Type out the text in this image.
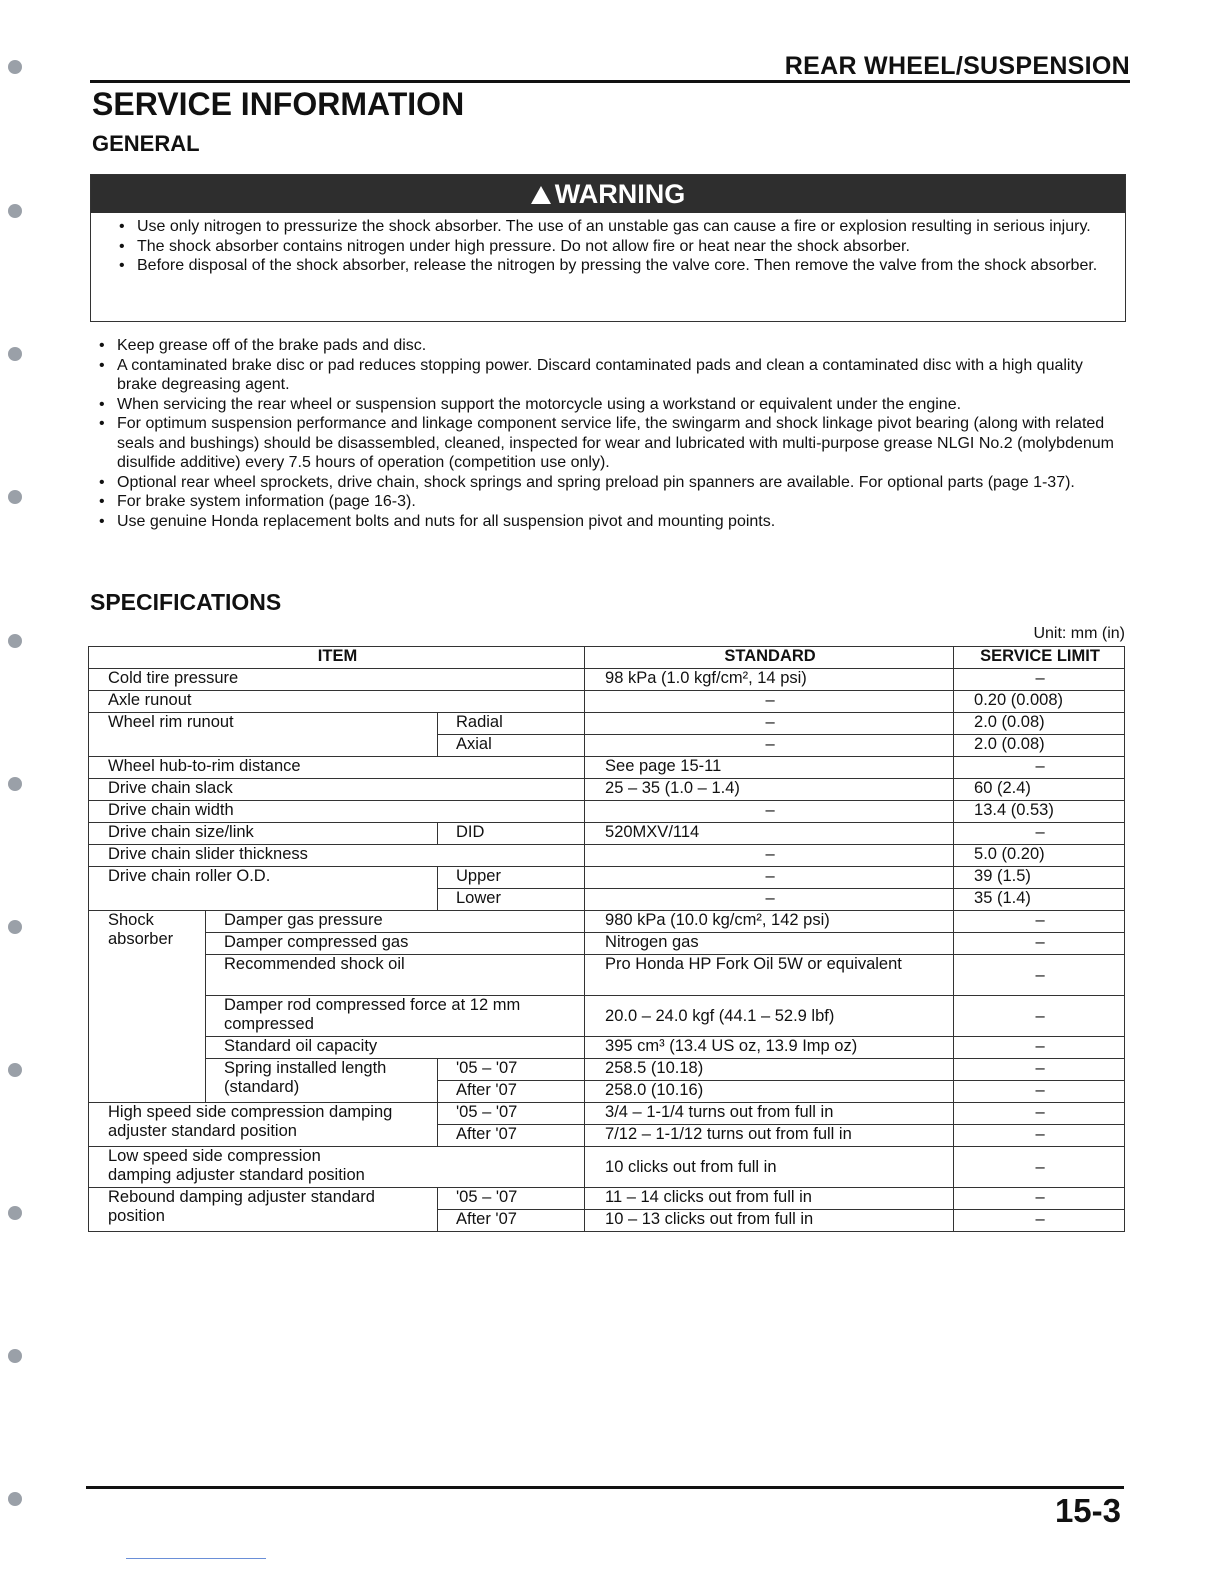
REAR WHEEL/SUSPENSION
SERVICE INFORMATION
GENERAL
WARNING
• Use only nitrogen to pressurize the shock absorber. The use of an unstable gas can cause a fire or explosion resulting in serious injury.
• The shock absorber contains nitrogen under high pressure. Do not allow fire or heat near the shock absorber.
• Before disposal of the shock absorber, release the nitrogen by pressing the valve core. Then remove the valve from the shock absorber.
• Keep grease off of the brake pads and disc.
• A contaminated brake disc or pad reduces stopping power. Discard contaminated pads and clean a contaminated disc with a high quality brake degreasing agent.
• When servicing the rear wheel or suspension support the motorcycle using a workstand or equivalent under the engine.
• For optimum suspension performance and linkage component service life, the swingarm and shock linkage pivot bearing (along with related seals and bushings) should be disassembled, cleaned, inspected for wear and lubricated with multi-purpose grease NLGI No.2 (molybdenum disulfide additive) every 7.5 hours of operation (competition use only).
• Optional rear wheel sprockets, drive chain, shock springs and spring preload pin spanners are available. For optional parts (page 1-37).
• For brake system information (page 16-3).
• Use genuine Honda replacement bolts and nuts for all suspension pivot and mounting points.
SPECIFICATIONS
Unit: mm (in)
ITEM			STANDARD	SERVICE LIMIT
Cold tire pressure			98 kPa (1.0 kgf/cm², 14 psi)	–
Axle runout			–	0.20 (0.008)
Wheel rim runout		Radial	–	2.0 (0.08)
		Axial	–	2.0 (0.08)
Wheel hub-to-rim distance			See page 15-11	–
Drive chain slack			25 – 35 (1.0 – 1.4)	60 (2.4)
Drive chain width			–	13.4 (0.53)
Drive chain size/link		DID	520MXV/114	–
Drive chain slider thickness			–	5.0 (0.20)
Drive chain roller O.D.		Upper	–	39 (1.5)
		Lower	–	35 (1.4)
Shock absorber	Damper gas pressure		980 kPa (10.0 kg/cm², 142 psi)	–
	Damper compressed gas		Nitrogen gas	–
	Recommended shock oil		Pro Honda HP Fork Oil 5W or equivalent	–
	Damper rod compressed force at 12 mm compressed		20.0 – 24.0 kgf (44.1 – 52.9 lbf)	–
	Standard oil capacity		395 cm³ (13.4 US oz, 13.9 Imp oz)	–
	Spring installed length (standard)	'05 – '07	258.5 (10.18)	–
		After '07	258.0 (10.16)	–
High speed side compression damping adjuster standard position		'05 – '07	3/4 – 1-1/4 turns out from full in	–
		After '07	7/12 – 1-1/12 turns out from full in	–
Low speed side compression damping adjuster standard position			10 clicks out from full in	–
Rebound damping adjuster standard position		'05 – '07	11 – 14 clicks out from full in	–
		After '07	10 – 13 clicks out from full in	–
15-3
